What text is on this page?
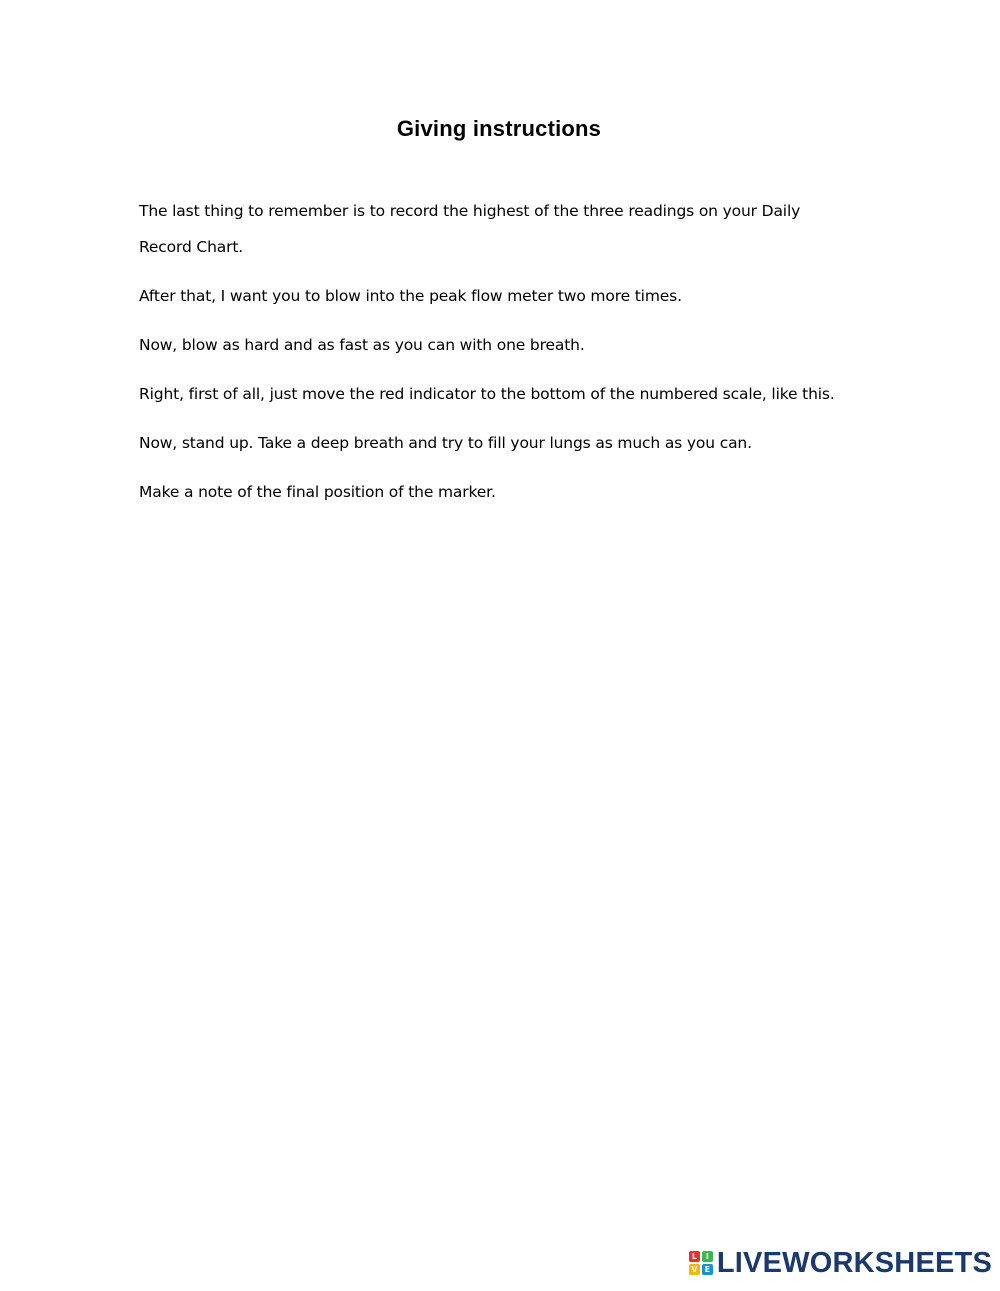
Giving instructions

The last thing to remember is to record the highest of the three readings on your Daily Record Chart.

After that, I want you to blow into the peak flow meter two more times.

Now, blow as hard and as fast as you can with one breath.

Right, first of all, just move the red indicator to the bottom of the numbered scale, like this.

Now, stand up. Take a deep breath and try to fill your lungs as much as you can.

Make a note of the final position of the marker.

L	I
V E LIVEWORKSHEETS
